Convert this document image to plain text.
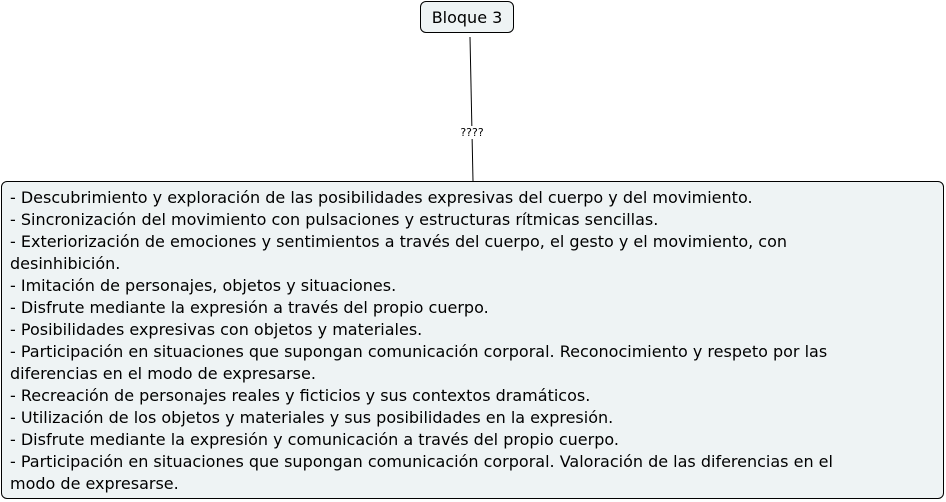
Bloque 3
????
- Descubrimiento y exploración de las posibilidades expresivas del cuerpo y del movimiento.
- Sincronización del movimiento con pulsaciones y estructuras rítmicas sencillas.
- Exteriorización de emociones y sentimientos a través del cuerpo, el gesto y el movimiento, con
desinhibición.
- Imitación de personajes, objetos y situaciones.
- Disfrute mediante la expresión a través del propio cuerpo.
- Posibilidades expresivas con objetos y materiales.
- Participación en situaciones que supongan comunicación corporal. Reconocimiento y respeto por las
diferencias en el modo de expresarse.
- Recreación de personajes reales y ficticios y sus contextos dramáticos.
- Utilización de los objetos y materiales y sus posibilidades en la expresión.
- Disfrute mediante la expresión y comunicación a través del propio cuerpo.
- Participación en situaciones que supongan comunicación corporal. Valoración de las diferencias en el
modo de expresarse.
